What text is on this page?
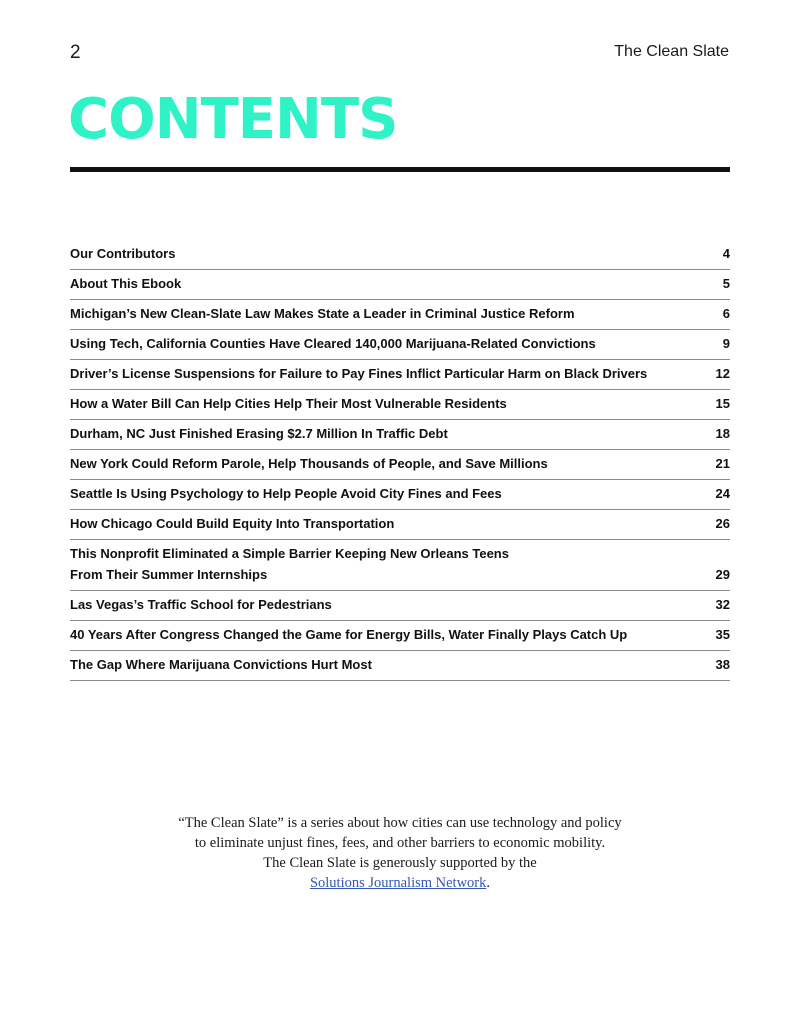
2	The Clean Slate
CONTENTS
Our Contributors	4
About This Ebook	5
Michigan’s New Clean-Slate Law Makes State a Leader in Criminal Justice Reform	6
Using Tech, California Counties Have Cleared 140,000 Marijuana-Related Convictions	9
Driver’s License Suspensions for Failure to Pay Fines Inflict Particular Harm on Black Drivers	12
How a Water Bill Can Help Cities Help Their Most Vulnerable Residents	15
Durham, NC Just Finished Erasing $2.7 Million In Traffic Debt	18
New York Could Reform Parole, Help Thousands of People, and Save Millions	21
Seattle Is Using Psychology to Help People Avoid City Fines and Fees	24
How Chicago Could Build Equity Into Transportation	26
This Nonprofit Eliminated a Simple Barrier Keeping New Orleans Teens
From Their Summer Internships	29
Las Vegas’s Traffic School for Pedestrians	32
40 Years After Congress Changed the Game for Energy Bills, Water Finally Plays Catch Up	35
The Gap Where Marijuana Convictions Hurt Most	38
“The Clean Slate” is a series about how cities can use technology and policy
to eliminate unjust fines, fees, and other barriers to economic mobility.
The Clean Slate is generously supported by the
Solutions Journalism Network.
